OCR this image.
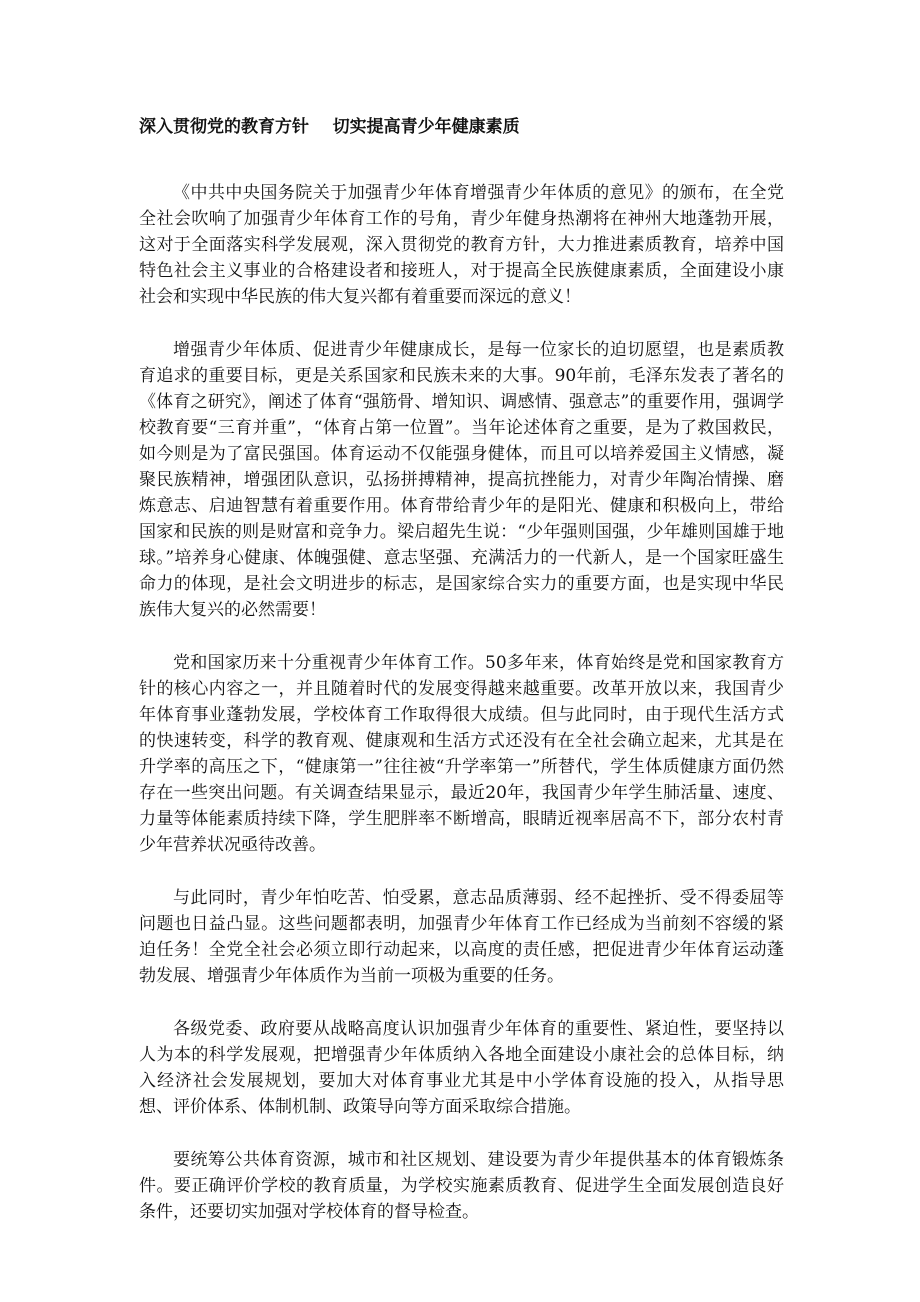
深入贯彻党的教育方针    切实提高青少年健康素质

《中共中央国务院关于加强青少年体育增强青少年体质的意见》的颁布，在全党全社会吹响了加强青少年体育工作的号角，青少年健身热潮将在神州大地蓬勃开展，这对于全面落实科学发展观，深入贯彻党的教育方针，大力推进素质教育，培养中国特色社会主义事业的合格建设者和接班人，对于提高全民族健康素质，全面建设小康社会和实现中华民族的伟大复兴都有着重要而深远的意义！

增强青少年体质、促进青少年健康成长，是每一位家长的迫切愿望，也是素质教育追求的重要目标，更是关系国家和民族未来的大事。90年前，毛泽东发表了著名的《体育之研究》，阐述了体育“强筋骨、增知识、调感情、强意志”的重要作用，强调学校教育要“三育并重”，“体育占第一位置”。当年论述体育之重要，是为了救国救民，如今则是为了富民强国。体育运动不仅能强身健体，而且可以培养爱国主义情感，凝聚民族精神，增强团队意识，弘扬拼搏精神，提高抗挫能力，对青少年陶冶情操、磨炼意志、启迪智慧有着重要作用。体育带给青少年的是阳光、健康和积极向上，带给国家和民族的则是财富和竞争力。梁启超先生说：“少年强则国强，少年雄则国雄于地球。”培养身心健康、体魄强健、意志坚强、充满活力的一代新人，是一个国家旺盛生命力的体现，是社会文明进步的标志，是国家综合实力的重要方面，也是实现中华民族伟大复兴的必然需要！

党和国家历来十分重视青少年体育工作。50多年来，体育始终是党和国家教育方针的核心内容之一，并且随着时代的发展变得越来越重要。改革开放以来，我国青少年体育事业蓬勃发展，学校体育工作取得很大成绩。但与此同时，由于现代生活方式的快速转变，科学的教育观、健康观和生活方式还没有在全社会确立起来，尤其是在升学率的高压之下，“健康第一”往往被“升学率第一”所替代，学生体质健康方面仍然存在一些突出问题。有关调查结果显示，最近20年，我国青少年学生肺活量、速度、力量等体能素质持续下降，学生肥胖率不断增高，眼睛近视率居高不下，部分农村青少年营养状况亟待改善。

与此同时，青少年怕吃苦、怕受累，意志品质薄弱、经不起挫折、受不得委屈等问题也日益凸显。这些问题都表明，加强青少年体育工作已经成为当前刻不容缓的紧迫任务！全党全社会必须立即行动起来，以高度的责任感，把促进青少年体育运动蓬勃发展、增强青少年体质作为当前一项极为重要的任务。

各级党委、政府要从战略高度认识加强青少年体育的重要性、紧迫性，要坚持以人为本的科学发展观，把增强青少年体质纳入各地全面建设小康社会的总体目标，纳入经济社会发展规划，要加大对体育事业尤其是中小学体育设施的投入，从指导思想、评价体系、体制机制、政策导向等方面采取综合措施。

要统筹公共体育资源，城市和社区规划、建设要为青少年提供基本的体育锻炼条件。要正确评价学校的教育质量，为学校实施素质教育、促进学生全面发展创造良好条件，还要切实加强对学校体育的督导检查。
